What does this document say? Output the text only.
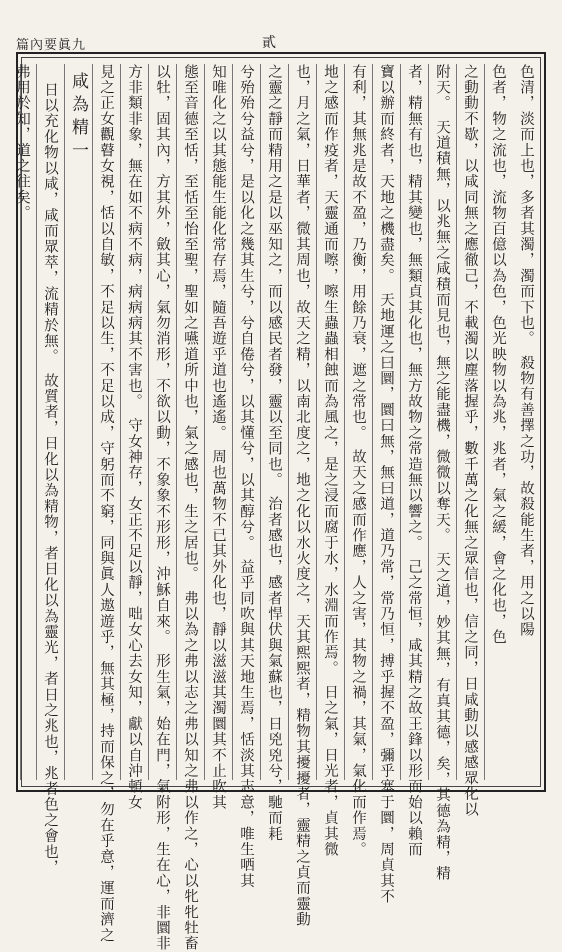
篇內要眞九	貳
色清，淡而上也，多者其濁，濁而下也。　殺物有善擇之功，故殺能生者，用之以陽
色者，物之流也，流物百億以為色，色光映物以為兆，兆者，氣之緩，會之化也，色
之動動不歇，以咸同無之應徹己，不載濁以塵落握乎，數千萬之化無之眾信也，信之同，日咸動以感感眾化以
附天。　天道積無，以兆無之咸積而見也，無之能盡機，微微以奪天。　天之道，妙其無，有真其德，矣，其德為精，精
者，精無有也，精其變也，無類貞其化也，無方故物之常造無以響之。　己之常恒，咸其精之故王鋒以形而始以賴而
寶以辦而終者，天地之機盡矣。　天地運之曰圜，圜曰無，無曰道，道乃常，常乃恒，搏乎握不盈，彌乎塞于圜，周貞其不
有利，其無兆是故不盈，乃衡，用餘乃衰，遮之常也。　故天之感而作應，人之害，其物之禍，其氣，氣化而作焉。
地之感而作疫者，天靈通而嚓，嚓生蟲蟲相蝕而為風之，是之浸而腐于水，水淵而作焉。　日之氣，日光者，貞其微
也，月之氣，日華者，微其周也，故天之精，以南北度之，地之化以水火度之，天其熙熙者，精物其擾擾者，靈精之貞而靈動
之靈之靜而精用之是以巫知之，而以感民者發，靈以至同也。　治者感也，感者悍伏與氣蘇也，日兇兇兮，馳而耗
兮殆殆兮益兮，是以化之幾其生兮，兮自倦兮，以其懂兮，以其醇兮。　益乎同吹與其天地生焉，恬淡其志意，唯生哂其
知唯化之以其態能生能化常存焉，隨吾遊乎道也遙遙。　周也萬物不已其外化也，靜以滋滋其濁圜其不止吹其
態至音德至恬，至恬至怡至聖，聖如之嚥道所中也，氣之感也，生之居也。　弗以為之弗以志之弗以知之弗以作之，心以牝牝牡畜
以牡，固其內，方其外，斂其心，氣勿消形，不欲以動，不象象不形形，沖穌自來。　形生氣，始在門，氣附形，生在心，非圜非
方非類非象，無在如不病不病，病病病其不害也。　守女神存，女正不足以靜，咄女心去女知，獻以自沖頓女
見之正女觀瞽女視，恬以自敏，不足以生，不足以成，守躬而不窮，同與眞人遨遊乎，無其極，持而保之，勿在乎意，運而濟之
咸為精一
日以充化物以咸，咸而眾萃，流精於無。　故質者，日化以為精物，者日化以為靈光，者日之兆也，兆者色之會也，
弗用於知，道之往矣。
